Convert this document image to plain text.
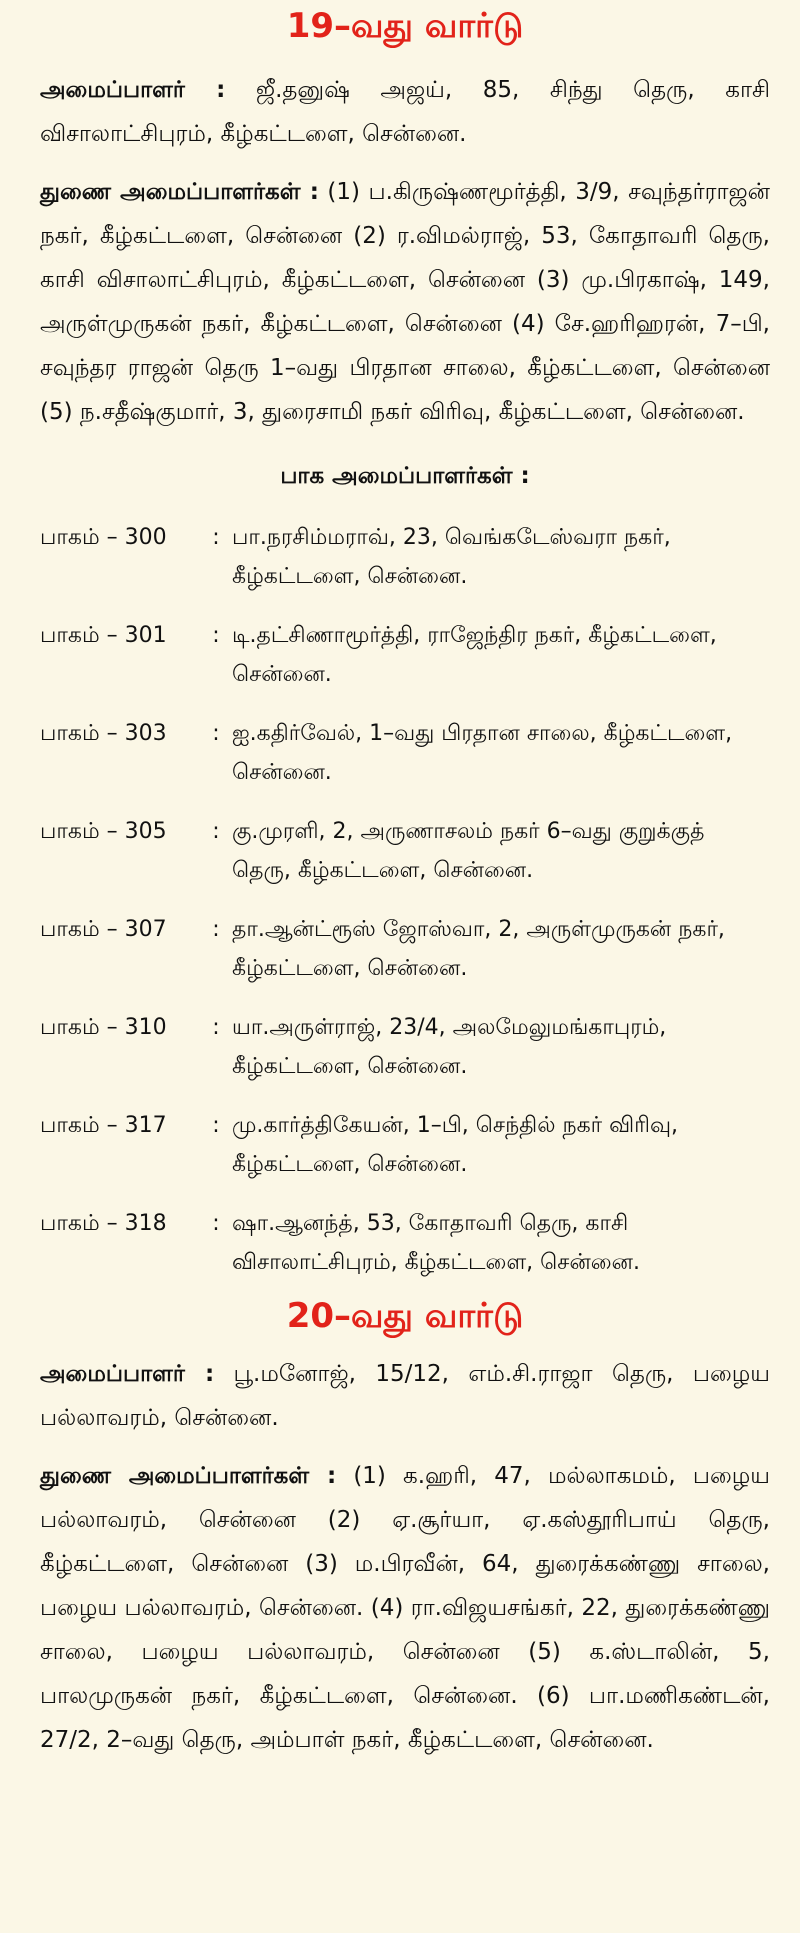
19–வது வார்டு

அமைப்பாளர் : ஜீ.தனுஷ் அஜய், 85, சிந்து தெரு, காசி விசாலாட்சிபுரம், கீழ்கட்டளை, சென்னை.

துணை அமைப்பாளர்கள் : (1) ப.கிருஷ்ணமூர்த்தி, 3/9, சவுந்தர்ராஜன் நகர், கீழ்கட்டளை, சென்னை (2) ர.விமல்ராஜ், 53, கோதாவரி தெரு, காசி விசாலாட்சிபுரம், கீழ்கட்டளை, சென்னை (3) மு.பிரகாஷ், 149, அருள்முருகன் நகர், கீழ்கட்டளை, சென்னை (4) சே.ஹரிஹரன், 7–பி, சவுந்தர ராஜன் தெரு 1–வது பிரதான சாலை, கீழ்கட்டளை, சென்னை (5) ந.சதீஷ்குமார், 3, துரைசாமி நகர் விரிவு, கீழ்கட்டளை, சென்னை.

பாக அமைப்பாளர்கள் :

பாகம் – 300	: பா.நரசிம்மராவ், 23, வெங்கடேஸ்வரா நகர், கீழ்கட்டளை, சென்னை.
பாகம் – 301	: டி.தட்சிணாமூர்த்தி, ராஜேந்திர நகர், கீழ்கட்டளை, சென்னை.
பாகம் – 303	: ஐ.கதிர்வேல், 1–வது பிரதான சாலை, கீழ்கட்டளை, சென்னை.
பாகம் – 305	: கு.முரளி, 2, அருணாசலம் நகர் 6–வது குறுக்குத் தெரு, கீழ்கட்டளை, சென்னை.
பாகம் – 307	: தா.ஆன்ட்ரூஸ் ஜோஸ்வா, 2, அருள்முருகன் நகர், கீழ்கட்டளை, சென்னை.
பாகம் – 310	: யா.அருள்ராஜ், 23/4, அலமேலுமங்காபுரம், கீழ்கட்டளை, சென்னை.
பாகம் – 317	: மு.கார்த்திகேயன், 1–பி, செந்தில் நகர் விரிவு, கீழ்கட்டளை, சென்னை.
பாகம் – 318	: ஷா.ஆனந்த், 53, கோதாவரி தெரு, காசி விசாலாட்சிபுரம், கீழ்கட்டளை, சென்னை.
20–வது வார்டு

அமைப்பாளர் : பூ.மனோஜ், 15/12, எம்.சி.ராஜா தெரு, பழைய பல்லாவரம், சென்னை.

துணை அமைப்பாளர்கள் : (1) க.ஹரி, 47, மல்லாகமம், பழைய பல்லாவரம், சென்னை (2) ஏ.சூர்யா, ஏ.கஸ்தூரிபாய் தெரு, கீழ்கட்டளை, சென்னை (3) ம.பிரவீன், 64, துரைக்கண்ணு சாலை, பழைய பல்லாவரம், சென்னை. (4) ரா.விஜயசங்கர், 22, துரைக்கண்ணு சாலை, பழைய பல்லாவரம், சென்னை (5) க.ஸ்டாலின், 5, பாலமுருகன் நகர், கீழ்கட்டளை, சென்னை. (6) பா.மணிகண்டன், 27/2, 2–வது தெரு, அம்பாள் நகர், கீழ்கட்டளை, சென்னை.
